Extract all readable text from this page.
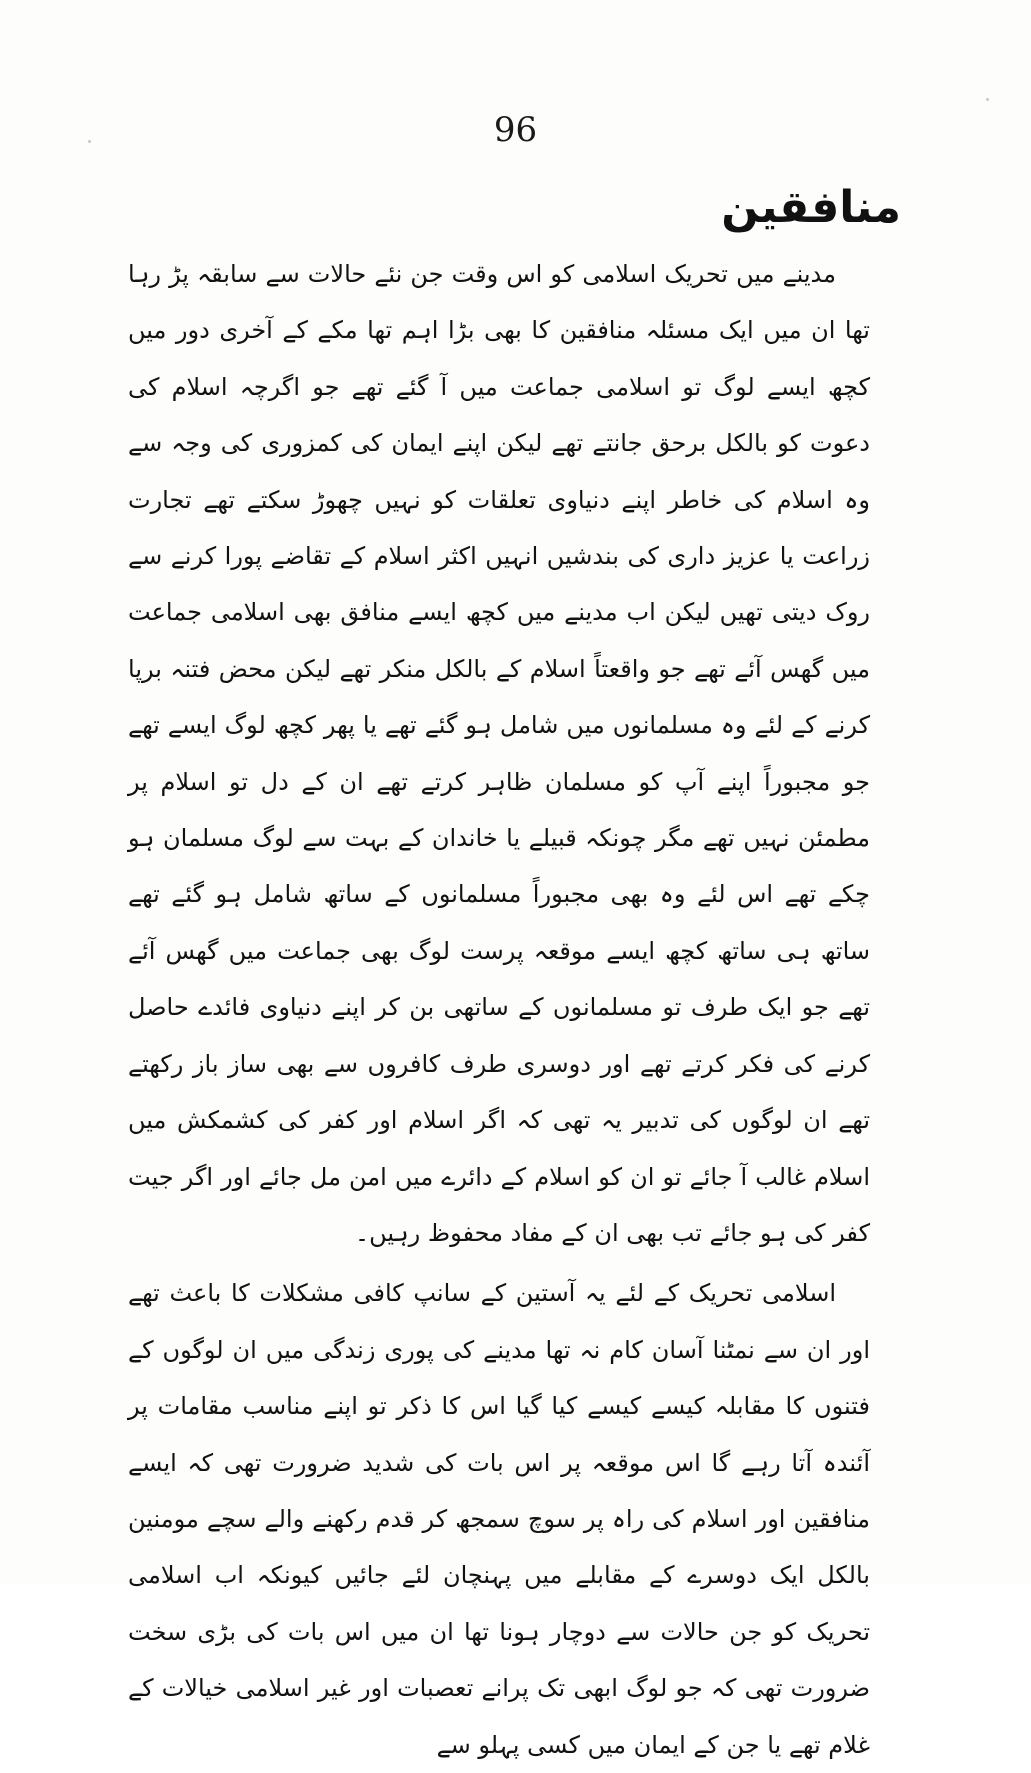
96
منافقین

مدینے میں تحریک اسلامی کو اس وقت جن نئے حالات سے سابقہ پڑ رہا تھا ان میں ایک مسئلہ منافقین کا بھی بڑا اہم تھا مکے کے آخری دور میں کچھ ایسے لوگ تو اسلامی جماعت میں آ گئے تھے جو اگرچہ اسلام کی دعوت کو بالکل برحق جانتے تھے لیکن اپنے ایمان کی کمزوری کی وجہ سے وہ اسلام کی خاطر اپنے دنیاوی تعلقات کو نہیں چھوڑ سکتے تھے تجارت زراعت یا عزیز داری کی بندشیں انہیں اکثر اسلام کے تقاضے پورا کرنے سے روک دیتی تھیں لیکن اب مدینے میں کچھ ایسے منافق بھی اسلامی جماعت میں گھس آئے تھے جو واقعتاً اسلام کے بالکل منکر تھے لیکن محض فتنہ برپا کرنے کے لئے وہ مسلمانوں میں شامل ہو گئے تھے یا پھر کچھ لوگ ایسے تھے جو مجبوراً اپنے آپ کو مسلمان ظاہر کرتے تھے ان کے دل تو اسلام پر مطمئن نہیں تھے مگر چونکہ قبیلے یا خاندان کے بہت سے لوگ مسلمان ہو چکے تھے اس لئے وہ بھی مجبوراً مسلمانوں کے ساتھ شامل ہو گئے تھے ساتھ ہی ساتھ کچھ ایسے موقعہ پرست لوگ بھی جماعت میں گھس آئے تھے جو ایک طرف تو مسلمانوں کے ساتھی بن کر اپنے دنیاوی فائدے حاصل کرنے کی فکر کرتے تھے اور دوسری طرف کافروں سے بھی ساز باز رکھتے تھے ان لوگوں کی تدبیر یہ تھی کہ اگر اسلام اور کفر کی کشمکش میں اسلام غالب آ جائے تو ان کو اسلام کے دائرے میں امن مل جائے اور اگر جیت کفر کی ہو جائے تب بھی ان کے مفاد محفوظ رہیں۔

اسلامی تحریک کے لئے یہ آستین کے سانپ کافی مشکلات کا باعث تھے اور ان سے نمٹنا آسان کام نہ تھا مدینے کی پوری زندگی میں ان لوگوں کے فتنوں کا مقابلہ کیسے کیسے کیا گیا اس کا ذکر تو اپنے مناسب مقامات پر آئندہ آتا رہے گا اس موقعہ پر اس بات کی شدید ضرورت تھی کہ ایسے منافقین اور اسلام کی راہ پر سوچ سمجھ کر قدم رکھنے والے سچے مومنین بالکل ایک دوسرے کے مقابلے میں پہنچان لئے جائیں کیونکہ اب اسلامی تحریک کو جن حالات سے دوچار ہونا تھا ان میں اس بات کی بڑی سخت ضرورت تھی کہ جو لوگ ابھی تک پرانے تعصبات اور غیر اسلامی خیالات کے غلام تھے یا جن کے ایمان میں کسی پہلو سے
